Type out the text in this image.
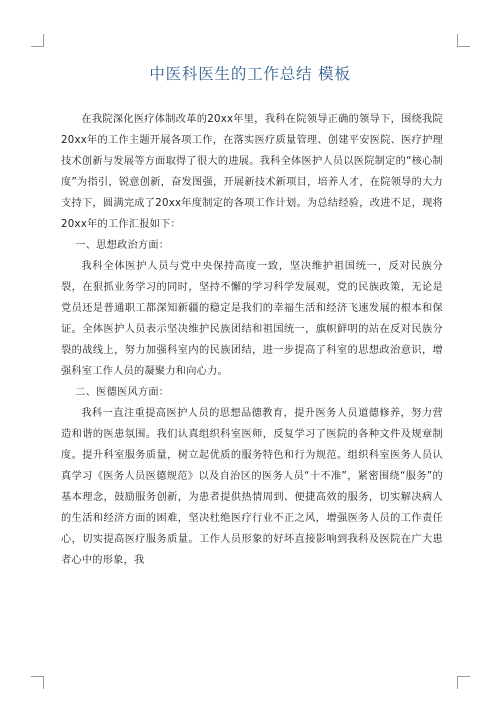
中医科医生的工作总结 模板

在我院深化医疗体制改革的20xx年里，我科在院领导正确的领导下，围绕我院20xx年的工作主题开展各项工作，在落实医疗质量管理、创建平安医院、医疗护理技术创新与发展等方面取得了很大的进展。我科全体医护人员以医院制定的“核心制度”为指引，锐意创新，奋发图强，开展新技术新项目，培养人才，在院领导的大力支持下，圆满完成了20xx年度制定的各项工作计划。为总结经验，改进不足，现将20xx年的工作汇报如下：

一、思想政治方面：

我科全体医护人员与党中央保持高度一致，坚决维护祖国统一，反对民族分裂，在狠抓业务学习的同时，坚持不懈的学习科学发展观，党的民族政策，无论是党员还是普通职工都深知新疆的稳定是我们的幸福生活和经济飞速发展的根本和保证。全体医护人员表示坚决维护民族团结和祖国统一，旗帜鲜明的站在反对民族分裂的战线上，努力加强科室内的民族团结，进一步提高了科室的思想政治意识，增强科室工作人员的凝聚力和向心力。

二、医德医风方面：

我科一直注重提高医护人员的思想品德教育，提升医务人员道德修养，努力营造和谐的医患氛围。我们认真组织科室医师，反复学习了医院的各种文件及规章制度。提升科室服务质量，树立起优质的服务特色和行为规范。组织科室医务人员认真学习《医务人员医德规范》以及自治区的医务人员“十不准”，紧密围绕“服务”的基本理念，鼓励服务创新，为患者提供热情周到、便捷高效的服务，切实解决病人的生活和经济方面的困难，坚决杜绝医疗行业不正之风，增强医务人员的工作责任心，切实提高医疗服务质量。工作人员形象的好坏直接影响到我科及医院在广大患者心中的形象，我
